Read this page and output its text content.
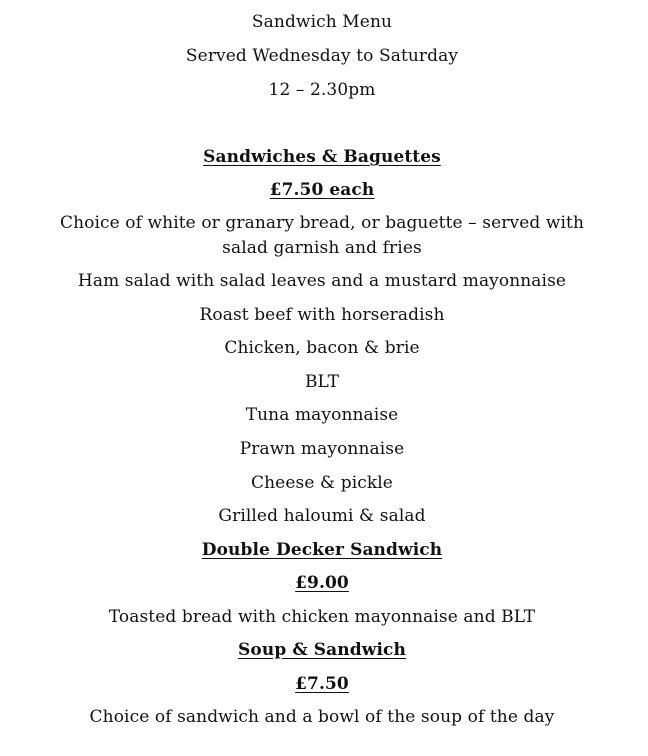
Sandwich Menu
Served Wednesday to Saturday
12 – 2.30pm
Sandwiches & Baguettes
£7.50 each
Choice of white or granary bread, or baguette – served with
salad garnish and fries
Ham salad with salad leaves and a mustard mayonnaise
Roast beef with horseradish
Chicken, bacon & brie
BLT
Tuna mayonnaise
Prawn mayonnaise
Cheese & pickle
Grilled haloumi & salad
Double Decker Sandwich
£9.00
Toasted bread with chicken mayonnaise and BLT
Soup & Sandwich
£7.50
Choice of sandwich and a bowl of the soup of the day
